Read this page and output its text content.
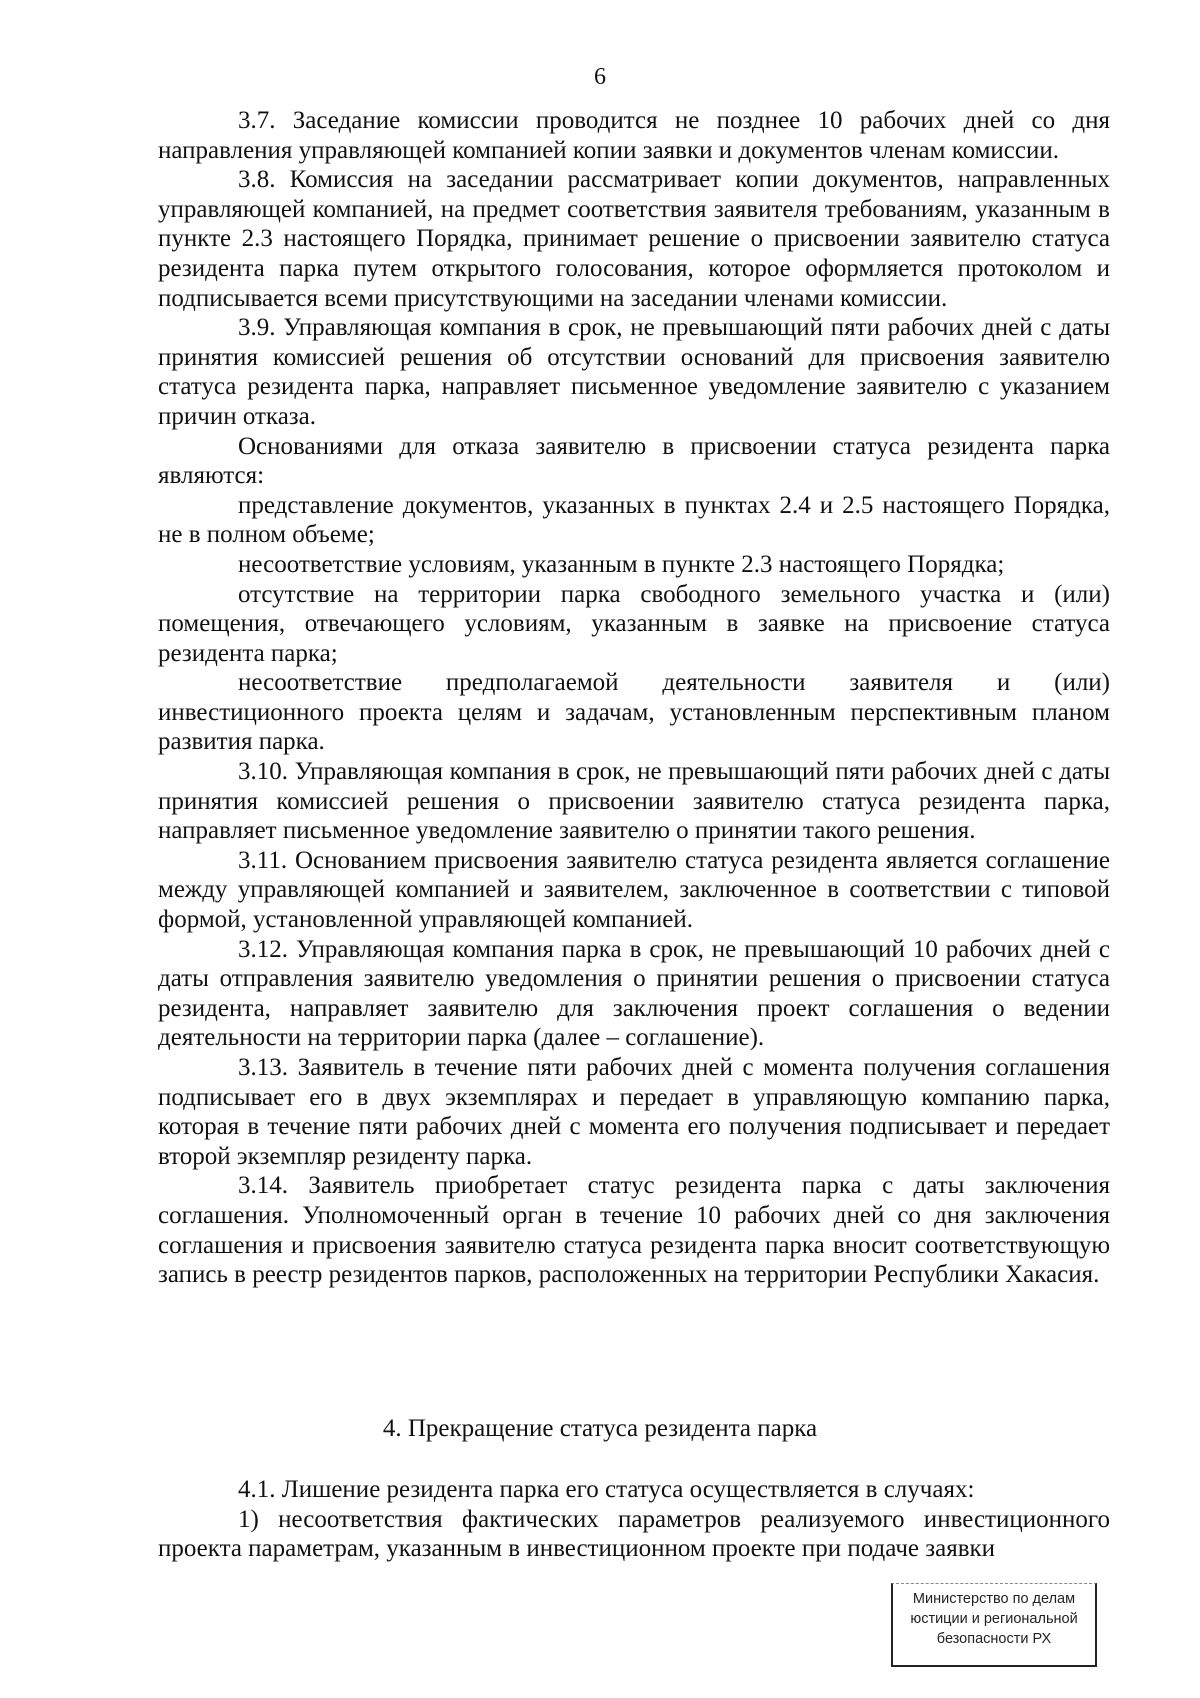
6

3.7. Заседание комиссии проводится не позднее 10 рабочих дней со дня направления управляющей компанией копии заявки и документов членам комиссии.

3.8. Комиссия на заседании рассматривает копии документов, направленных управляющей компанией, на предмет соответствия заявителя требованиям, указанным в пункте 2.3 настоящего Порядка, принимает решение о присвоении заявителю статуса резидента парка путем открытого голосования, которое оформляется протоколом и подписывается всеми присутствующими на заседании членами комиссии.

3.9. Управляющая компания в срок, не превышающий пяти рабочих дней с даты принятия комиссией решения об отсутствии оснований для присвоения заявителю статуса резидента парка, направляет письменное уведомление заявителю с указанием причин отказа.

Основаниями для отказа заявителю в присвоении статуса резидента парка являются:

представление документов, указанных в пунктах 2.4 и 2.5 настоящего Порядка, не в полном объеме;

несоответствие условиям, указанным в пункте 2.3 настоящего Порядка;

отсутствие на территории парка свободного земельного участка и (или) помещения, отвечающего условиям, указанным в заявке на присвоение статуса резидента парка;

несоответствие предполагаемой деятельности заявителя и (или) инвестиционного проекта целям и задачам, установленным перспективным планом развития парка.

3.10. Управляющая компания в срок, не превышающий пяти рабочих дней с даты принятия комиссией решения о присвоении заявителю статуса резидента парка, направляет письменное уведомление заявителю о принятии такого решения.

3.11. Основанием присвоения заявителю статуса резидента является соглашение между управляющей компанией и заявителем, заключенное в соответствии с типовой формой, установленной управляющей компанией.

3.12. Управляющая компания парка в срок, не превышающий 10 рабочих дней с даты отправления заявителю уведомления о принятии решения о присвоении статуса резидента, направляет заявителю для заключения проект соглашения о ведении деятельности на территории парка (далее – соглашение).

3.13. Заявитель в течение пяти рабочих дней с момента получения соглашения подписывает его в двух экземплярах и передает в управляющую компанию парка, которая в течение пяти рабочих дней с момента его получения подписывает и передает второй экземпляр резиденту парка.

3.14. Заявитель приобретает статус резидента парка с даты заключения соглашения. Уполномоченный орган в течение 10 рабочих дней со дня заключения соглашения и присвоения заявителю статуса резидента парка вносит соответствующую запись в реестр резидентов парков, расположенных на территории Республики Хакасия.

4. Прекращение статуса резидента парка

4.1. Лишение резидента парка его статуса осуществляется в случаях:

1) несоответствия фактических параметров реализуемого инвестиционного проекта параметрам, указанным в инвестиционном проекте при подаче заявки

Министерство по делам
юстиции и региональной
безопасности РХ
